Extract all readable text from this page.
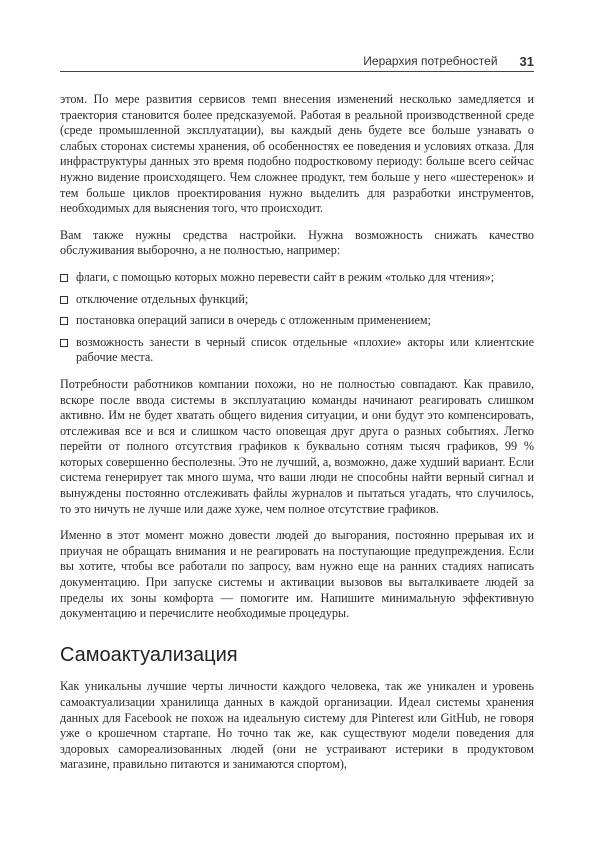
Иерархия потребностей 31

этом. По мере развития сервисов темп внесения изменений несколько замедляется и траектория становится более предсказуемой. Работая в реальной производственной среде (среде промышленной эксплуатации), вы каждый день будете все больше узнавать о слабых сторонах системы хранения, об особенностях ее поведения и условиях отказа. Для инфраструктуры данных это время подобно подростковому периоду: больше всего сейчас нужно видение происходящего. Чем сложнее продукт, тем больше у него «шестеренок» и тем больше циклов проектирования нужно выделить для разработки инструментов, необходимых для выяснения того, что происходит.

Вам также нужны средства настройки. Нужна возможность снижать качество обслуживания выборочно, а не полностью, например:

флаги, с помощью которых можно перевести сайт в режим «только для чтения»;
отключение отдельных функций;
постановка операций записи в очередь с отложенным применением;
возможность занести в черный список отдельные «плохие» акторы или клиентские рабочие места.

Потребности работников компании похожи, но не полностью совпадают. Как правило, вскоре после ввода системы в эксплуатацию команды начинают реагировать слишком активно. Им не будет хватать общего видения ситуации, и они будут это компенсировать, отслеживая все и вся и слишком часто оповещая друг друга о разных событиях. Легко перейти от полного отсутствия графиков к буквально сотням тысяч графиков, 99 % которых совершенно бесполезны. Это не лучший, а, возможно, даже худший вариант. Если система генерирует так много шума, что ваши люди не способны найти верный сигнал и вынуждены постоянно отслеживать файлы журналов и пытаться угадать, что случилось, то это ничуть не лучше или даже хуже, чем полное отсутствие графиков.

Именно в этот момент можно довести людей до выгорания, постоянно прерывая их и приучая не обращать внимания и не реагировать на поступающие предупреждения. Если вы хотите, чтобы все работали по запросу, вам нужно еще на ранних стадиях написать документацию. При запуске системы и активации вызовов вы выталкиваете людей за пределы их зоны комфорта — помогите им. Напишите минимальную эффективную документацию и перечислите необходимые процедуры.

Самоактуализация

Как уникальны лучшие черты личности каждого человека, так же уникален и уровень самоактуализации хранилища данных в каждой организации. Идеал системы хранения данных для Facebook не похож на идеальную систему для Pinterest или GitHub, не говоря уже о крошечном стартапе. Но точно так же, как существуют модели поведения для здоровых самореализованных людей (они не устраивают истерики в продуктовом магазине, правильно питаются и занимаются спортом),
